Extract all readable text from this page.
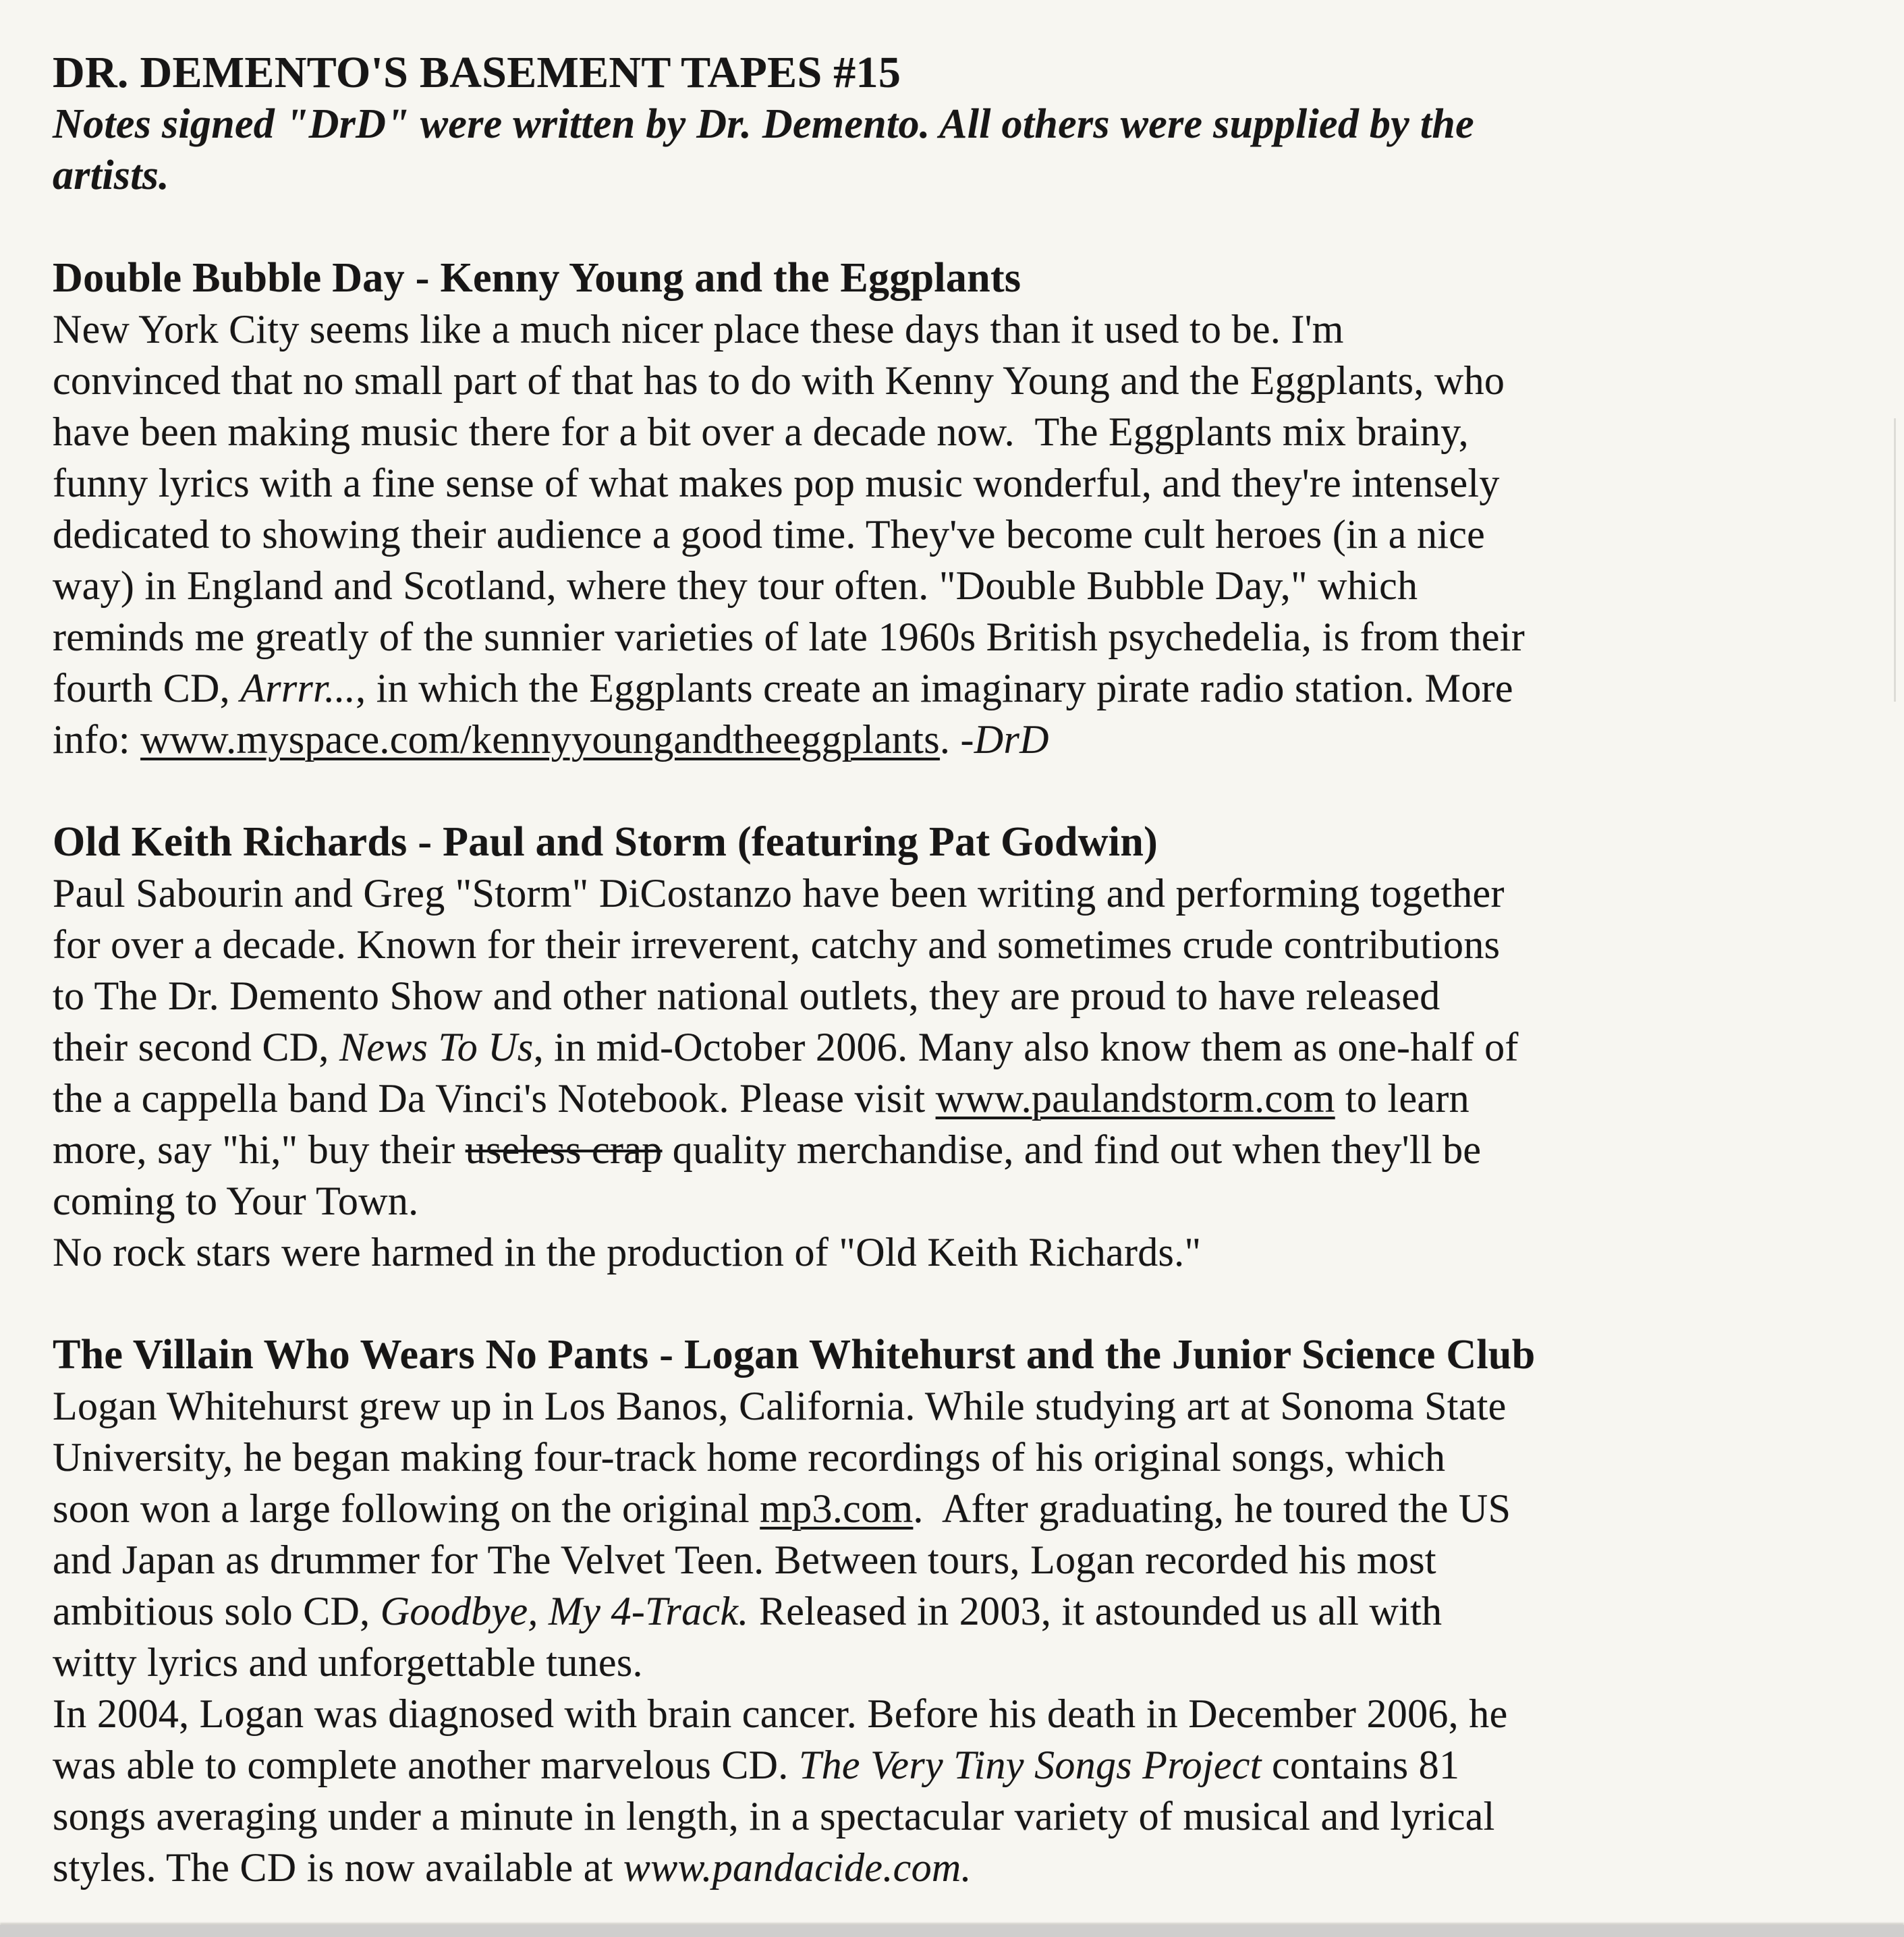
DR. DEMENTO'S BASEMENT TAPES #15
Notes signed "DrD" were written by Dr. Demento. All others were supplied by the
artists.
Double Bubble Day - Kenny Young and the Eggplants
New York City seems like a much nicer place these days than it used to be. I'm
convinced that no small part of that has to do with Kenny Young and the Eggplants, who
have been making music there for a bit over a decade now.  The Eggplants mix brainy,
funny lyrics with a fine sense of what makes pop music wonderful, and they're intensely
dedicated to showing their audience a good time. They've become cult heroes (in a nice
way) in England and Scotland, where they tour often. "Double Bubble Day," which
reminds me greatly of the sunnier varieties of late 1960s British psychedelia, is from their
fourth CD, Arrrr..., in which the Eggplants create an imaginary pirate radio station. More
info: www.myspace.com/kennyyoungandtheeggplants. -DrD
Old Keith Richards - Paul and Storm (featuring Pat Godwin)
Paul Sabourin and Greg "Storm" DiCostanzo have been writing and performing together
for over a decade. Known for their irreverent, catchy and sometimes crude contributions
to The Dr. Demento Show and other national outlets, they are proud to have released
their second CD, News To Us, in mid-October 2006. Many also know them as one-half of
the a cappella band Da Vinci's Notebook. Please visit www.paulandstorm.com to learn
more, say "hi," buy their useless crap quality merchandise, and find out when they'll be
coming to Your Town.
No rock stars were harmed in the production of "Old Keith Richards."
The Villain Who Wears No Pants - Logan Whitehurst and the Junior Science Club
Logan Whitehurst grew up in Los Banos, California. While studying art at Sonoma State
University, he began making four-track home recordings of his original songs, which
soon won a large following on the original mp3.com.  After graduating, he toured the US
and Japan as drummer for The Velvet Teen. Between tours, Logan recorded his most
ambitious solo CD, Goodbye, My 4-Track. Released in 2003, it astounded us all with
witty lyrics and unforgettable tunes.
In 2004, Logan was diagnosed with brain cancer. Before his death in December 2006, he
was able to complete another marvelous CD. The Very Tiny Songs Project contains 81
songs averaging under a minute in length, in a spectacular variety of musical and lyrical
styles. The CD is now available at www.pandacide.com.
